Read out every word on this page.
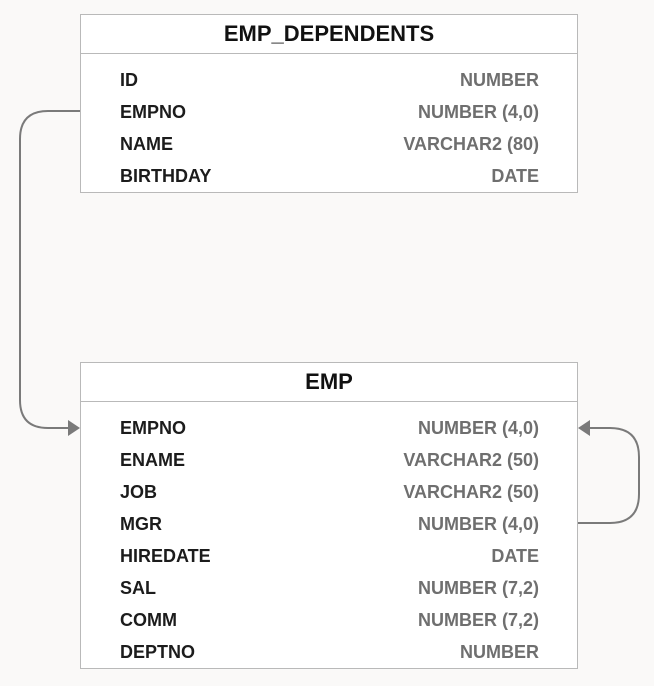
EMP_DEPENDENTS
ID	NUMBER
EMPNO	NUMBER (4,0)
NAME	VARCHAR2 (80)
BIRTHDAY	DATE
EMP
EMPNO	NUMBER (4,0)
ENAME	VARCHAR2 (50)
JOB	VARCHAR2 (50)
MGR	NUMBER (4,0)
HIREDATE	DATE
SAL	NUMBER (7,2)
COMM	NUMBER (7,2)
DEPTNO	NUMBER
